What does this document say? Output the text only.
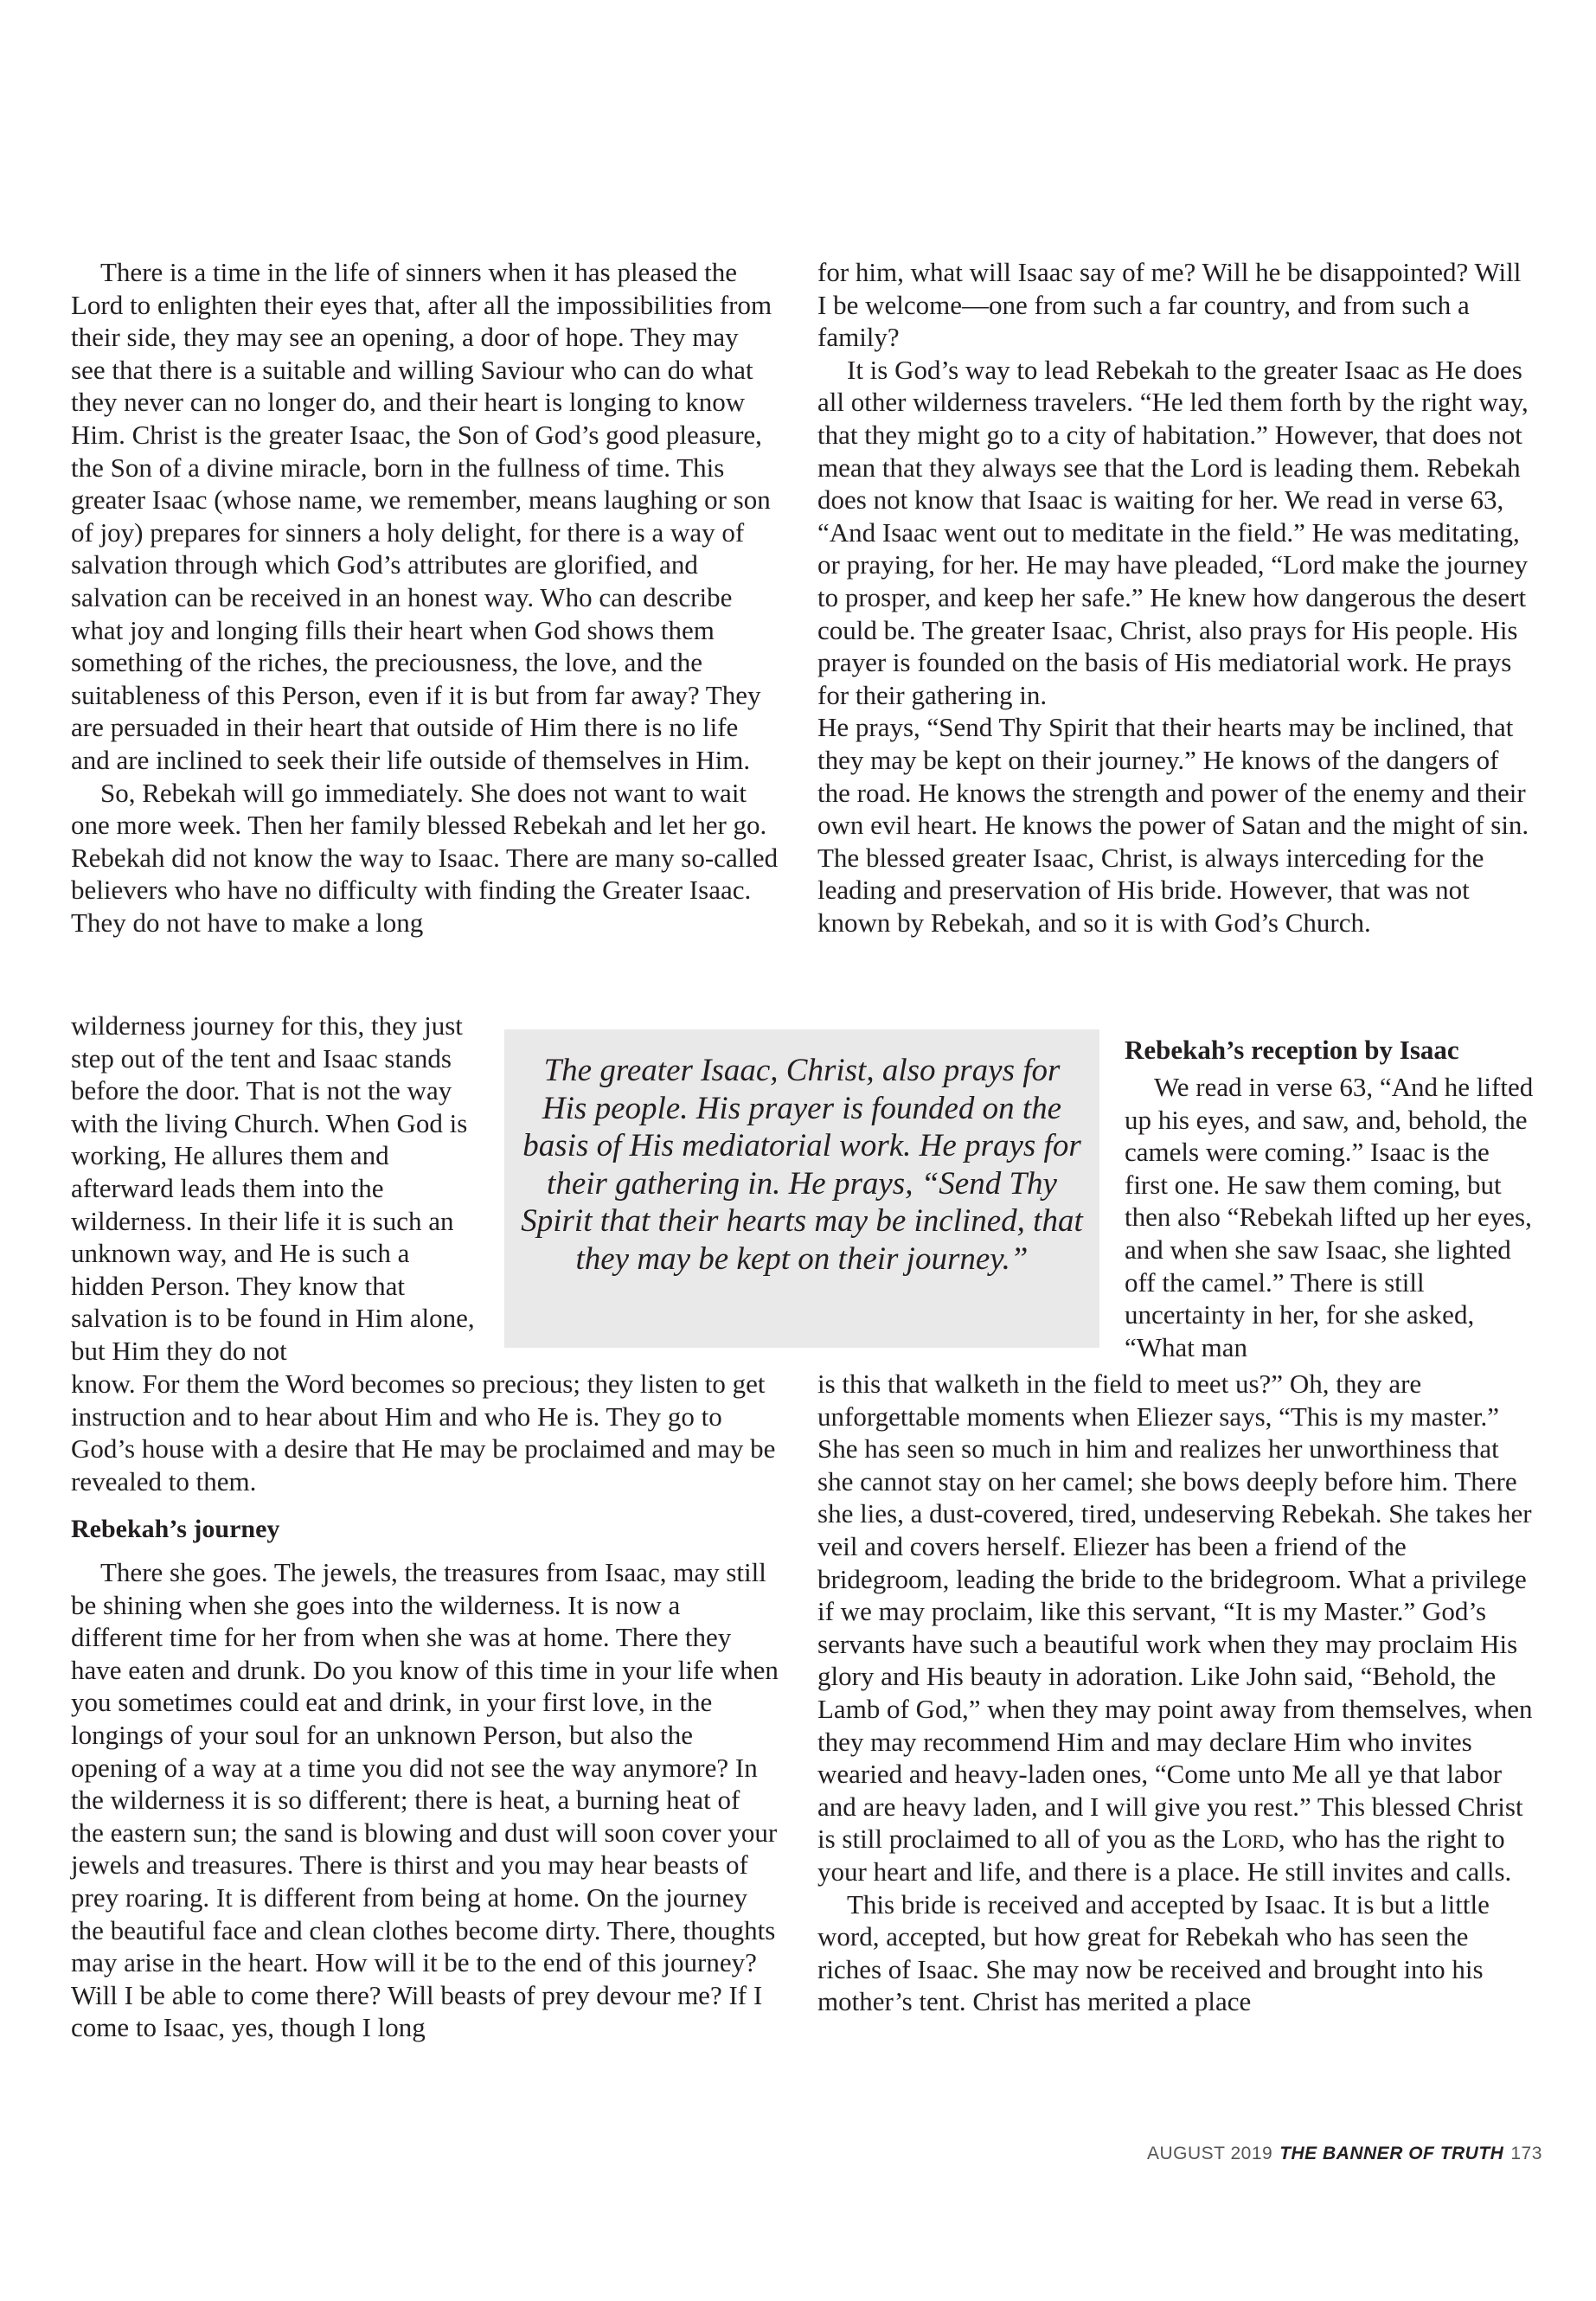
There is a time in the life of sinners when it has pleased the Lord to enlighten their eyes that, after all the impossibilities from their side, they may see an opening, a door of hope. They may see that there is a suitable and willing Saviour who can do what they never can no longer do, and their heart is longing to know Him. Christ is the greater Isaac, the Son of God’s good pleasure, the Son of a divine miracle, born in the fullness of time. This greater Isaac (whose name, we remember, means laughing or son of joy) prepares for sinners a holy delight, for there is a way of salvation through which God’s attributes are glorified, and salvation can be received in an honest way. Who can describe what joy and longing fills their heart when God shows them something of the riches, the preciousness, the love, and the suitableness of this Person, even if it is but from far away? They are persuaded in their heart that outside of Him there is no life and are inclined to seek their life outside of themselves in Him.

So, Rebekah will go immediately. She does not want to wait one more week. Then her family blessed Rebekah and let her go. Rebekah did not know the way to Isaac. There are many so-called believers who have no difficulty with finding the Greater Isaac. They do not have to make a long

wilderness journey for this, they just step out of the tent and Isaac stands before the door. That is not the way with the living Church. When God is working, He allures them and afterward leads them into the wilderness. In their life it is such an unknown way, and He is such a hidden Person. They know that salvation is to be found in Him alone, but Him they do not

know. For them the Word becomes so precious; they listen to get instruction and to hear about Him and who He is. They go to God’s house with a desire that He may be proclaimed and may be revealed to them.

Rebekah’s journey

There she goes. The jewels, the treasures from Isaac, may still be shining when she goes into the wilderness. It is now a different time for her from when she was at home. There they have eaten and drunk. Do you know of this time in your life when you sometimes could eat and drink, in your first love, in the longings of your soul for an unknown Person, but also the opening of a way at a time you did not see the way anymore? In the wilderness it is so different; there is heat, a burning heat of the eastern sun; the sand is blowing and dust will soon cover your jewels and treasures. There is thirst and you may hear beasts of prey roaring. It is different from being at home. On the journey the beautiful face and clean clothes become dirty. There, thoughts may arise in the heart. How will it be to the end of this journey? Will I be able to come there? Will beasts of prey devour me? If I come to Isaac, yes, though I long

for him, what will Isaac say of me? Will he be disappointed? Will I be welcome—one from such a far country, and from such a family?

It is God’s way to lead Rebekah to the greater Isaac as He does all other wilderness travelers. “He led them forth by the right way, that they might go to a city of habitation.” However, that does not mean that they always see that the Lord is leading them. Rebekah does not know that Isaac is waiting for her. We read in verse 63, “And Isaac went out to meditate in the field.” He was meditating, or praying, for her. He may have pleaded, “Lord make the journey to prosper, and keep her safe.” He knew how dangerous the desert could be. The greater Isaac, Christ, also prays for His people. His prayer is founded on the basis of His mediatorial work. He prays for their gathering in.

He prays, “Send Thy Spirit that their hearts may be inclined, that they may be kept on their journey.” He knows of the dangers of the road. He knows the strength and power of the enemy and their own evil heart. He knows the power of Satan and the might of sin. The blessed greater Isaac, Christ, is always interceding for the leading and preservation of His bride. However, that was not known by Rebekah, and so it is with God’s Church.

Rebekah’s reception by Isaac

We read in verse 63, “And he lifted up his eyes, and saw, and, behold, the camels were coming.” Isaac is the first one. He saw them coming, but then also “Rebekah lifted up her eyes, and when she saw Isaac, she lighted off the camel.” There is still uncertainty in her, for she asked, “What man

is this that walketh in the field to meet us?” Oh, they are unforgettable moments when Eliezer says, “This is my master.” She has seen so much in him and realizes her unworthiness that she cannot stay on her camel; she bows deeply before him. There she lies, a dust-covered, tired, undeserving Rebekah. She takes her veil and covers herself. Eliezer has been a friend of the bridegroom, leading the bride to the bridegroom. What a privilege if we may proclaim, like this servant, “It is my Master.” God’s servants have such a beautiful work when they may proclaim His glory and His beauty in adoration. Like John said, “Behold, the Lamb of God,” when they may point away from themselves, when they may recommend Him and may declare Him who invites wearied and heavy-laden ones, “Come unto Me all ye that labor and are heavy laden, and I will give you rest.” This blessed Christ is still proclaimed to all of you as the Lord, who has the right to your heart and life, and there is a place. He still invites and calls.

This bride is received and accepted by Isaac. It is but a little word, accepted, but how great for Rebekah who has seen the riches of Isaac. She may now be received and brought into his mother’s tent. Christ has merited a place

The greater Isaac, Christ, also prays for His people. His prayer is founded on the basis of His mediatorial work. He prays for their gathering in. He prays, “Send Thy Spirit that their hearts may be inclined, that they may be kept on their journey.”
AUGUST 2019 THE BANNER OF TRUTH 173
